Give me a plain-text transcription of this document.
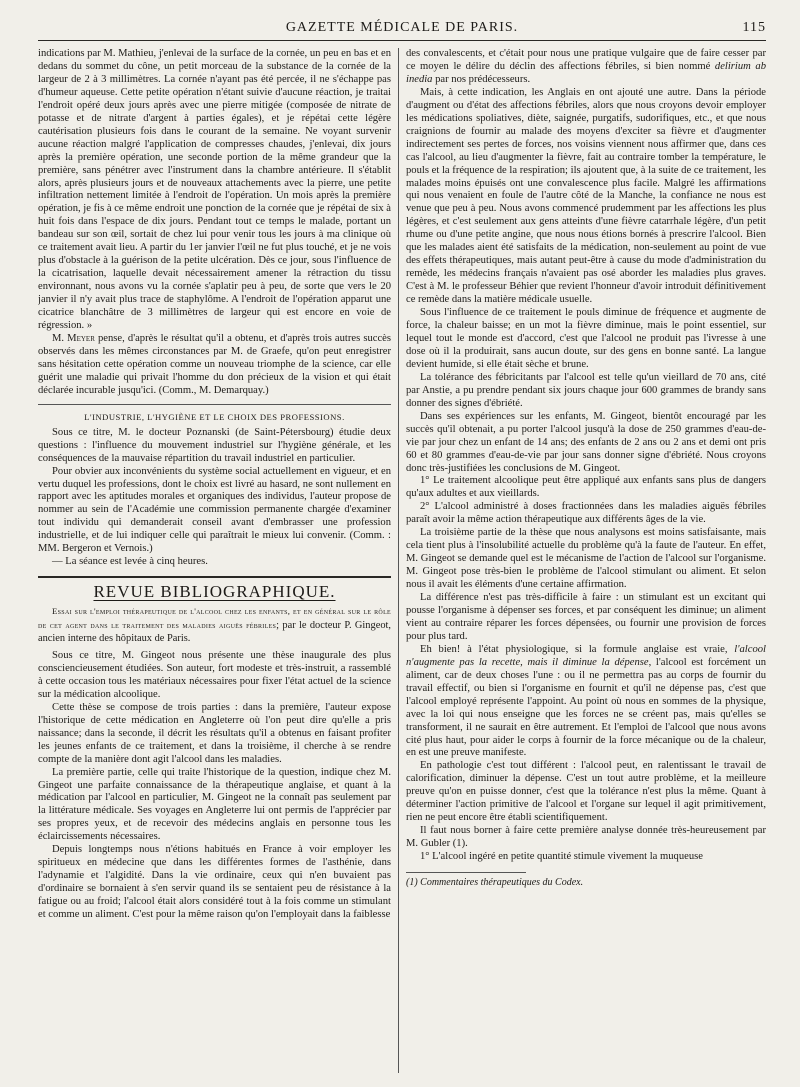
GAZETTE MÉDICALE DE PARIS.	115

indications par M. Mathieu, j'enlevai de la surface de la cornée, un peu en bas et en dedans du sommet du cône, un petit morceau de la substance de la cornée de la largeur de 2 à 3 millimètres. La cornée n'ayant pas été percée, il ne s'échappe pas d'humeur aqueuse. Cette petite opération n'étant suivie d'aucune réaction, je traitai l'endroit opéré deux jours après avec une pierre mitigée (composée de nitrate de potasse et de nitrate d'argent à parties égales), et je répétai cette légère cautérisation plusieurs fois dans le courant de la semaine. Ne voyant survenir aucune réaction malgré l'application de compresses chaudes, j'enlevai, dix jours après la première opération, une seconde portion de la même grandeur que la première, sans pénétrer avec l'instrument dans la chambre antérieure. Il s'établit alors, après plusieurs jours et de nouveaux attachements avec la pierre, une petite infiltration nettement limitée à l'endroit de l'opération. Un mois après la première opération, je fis à ce même endroit une ponction de la cornée que je répétai de six à huit fois dans l'espace de dix jours. Pendant tout ce temps le malade, portant un bandeau sur son œil, sortait de chez lui pour venir tous les jours à ma clinique où ce traitement avait lieu. A partir du 1er janvier l'œil ne fut plus touché, et je ne vois plus d'obstacle à la guérison de la petite ulcération. Dès ce jour, sous l'influence de la cicatrisation, laquelle devait nécessairement amener la rétraction du tissu environnant, nous avons vu la cornée s'aplatir peu à peu, de sorte que vers le 20 janvier il n'y avait plus trace de staphylôme. A l'endroit de l'opération apparut une cicatrice blanchâtre de 3 millimètres de largeur qui est encore en voie de régression. »

M. Meyer pense, d'après le résultat qu'il a obtenu, et d'après trois autres succès observés dans les mêmes circonstances par M. de Graefe, qu'on peut enregistrer sans hésitation cette opération comme un nouveau triomphe de la science, car elle guérit une maladie qui privait l'homme du don précieux de la vision et qui était déclarée incurable jusqu'ici. (Comm., M. Demarquay.)

L'INDUSTRIE, L'HYGIÈNE ET LE CHOIX DES PROFESSIONS.

Sous ce titre, M. le docteur Poznanski (de Saint-Pétersbourg) étudie deux questions : l'influence du mouvement industriel sur l'hygiène générale, et les conséquences de la mauvaise répartition du travail industriel en particulier.

Pour obvier aux inconvénients du système social actuellement en vigueur, et en vertu duquel les professions, dont le choix est livré au hasard, ne sont nullement en rapport avec les aptitudes morales et organiques des individus, l'auteur propose de nommer au sein de l'Académie une commission permanente chargée d'examiner tout individu qui demanderait conseil avant d'embrasser une profession industrielle, et de lui indiquer celle qui paraîtrait le mieux lui convenir. (Comm. : MM. Bergeron et Vernois.)

— La séance est levée à cinq heures.

REVUE BIBLIOGRAPHIQUE.

Essai sur l'emploi thérapeutique de l'alcool chez les enfants, et en général sur le rôle de cet agent dans le traitement des maladies aiguës fébriles; par le docteur P. Gingeot, ancien interne des hôpitaux de Paris.

Sous ce titre, M. Gingeot nous présente une thèse inaugurale des plus consciencieusement étudiées. Son auteur, fort modeste et très-instruit, a rassemblé à cette occasion tous les matériaux nécessaires pour fixer l'état actuel de la science sur la médication alcoolique.

Cette thèse se compose de trois parties : dans la première, l'auteur expose l'historique de cette médication en Angleterre où l'on peut dire qu'elle a pris naissance; dans la seconde, il décrit les résultats qu'il a obtenus en faisant profiter les jeunes enfants de ce traitement, et dans la troisième, il cherche à se rendre compte de la manière dont agit l'alcool dans les maladies.

La première partie, celle qui traite l'historique de la question, indique chez M. Gingeot une parfaite connaissance de la thérapeutique anglaise, et quant à la médication par l'alcool en particulier, M. Gingeot ne la connaît pas seulement par la littérature médicale. Ses voyages en Angleterre lui ont permis de l'apprécier par ses propres yeux, et de recevoir des médecins anglais en personne tous les éclaircissements nécessaires.

Depuis longtemps nous n'étions habitués en France à voir employer les spiritueux en médecine que dans les différentes formes de l'asthénie, dans l'adynamie et l'algidité. Dans la vie ordinaire, ceux qui n'en buvaient pas d'ordinaire se bornaient à s'en servir quand ils se sentaient peu de résistance à la fatigue ou au froid; l'alcool était alors considéré tout à la fois comme un stimulant et comme un aliment. C'est pour la même raison qu'on l'employait dans la faiblesse

des convalescents, et c'était pour nous une pratique vulgaire que de faire cesser par ce moyen le délire du déclin des affections fébriles, si bien nommé delirium ab inedia par nos prédécesseurs.

Mais, à cette indication, les Anglais en ont ajouté une autre. Dans la période d'augment ou d'état des affections fébriles, alors que nous croyons devoir employer les médications spoliatives, diète, saignée, purgatifs, sudorifiques, etc., et que nous craignions de fournir au malade des moyens d'exciter sa fièvre et d'augmenter indirectement ses pertes de forces, nos voisins viennent nous affirmer que, dans ces cas l'alcool, au lieu d'augmenter la fièvre, fait au contraire tomber la température, le pouls et la fréquence de la respiration; ils ajoutent que, à la suite de ce traitement, les malades moins épuisés ont une convalescence plus facile. Malgré les affirmations qui nous venaient en foule de l'autre côté de la Manche, la confiance ne nous est venue que peu à peu. Nous avons commencé prudemment par les affections les plus légères, et c'est seulement aux gens atteints d'une fièvre catarrhale légère, d'un petit rhume ou d'une petite angine, que nous nous étions bornés à prescrire l'alcool. Bien que les malades aient été satisfaits de la médication, non-seulement au point de vue des effets thérapeutiques, mais autant peut-être à cause du mode d'administration du remède, les médecins français n'avaient pas osé aborder les maladies plus graves. C'est à M. le professeur Béhier que revient l'honneur d'avoir introduit définitivement ce remède dans la matière médicale usuelle.

Sous l'influence de ce traitement le pouls diminue de fréquence et augmente de force, la chaleur baisse; en un mot la fièvre diminue, mais le point essentiel, sur lequel tout le monde est d'accord, c'est que l'alcool ne produit pas l'ivresse à une dose où il la produirait, sans aucun doute, sur des gens en bonne santé. La langue devient humide, si elle était sèche et brune.

La tolérance des fébricitants par l'alcool est telle qu'un vieillard de 70 ans, cité par Anstie, a pu prendre pendant six jours chaque jour 600 grammes de brandy sans donner des signes d'ébriété.

Dans ses expériences sur les enfants, M. Gingeot, bientôt encouragé par les succès qu'il obtenait, a pu porter l'alcool jusqu'à la dose de 250 grammes d'eau-de-vie par jour chez un enfant de 14 ans; des enfants de 2 ans ou 2 ans et demi ont pris 60 et 80 grammes d'eau-de-vie par jour sans donner signe d'ébriété. Nous croyons donc très-justifiées les conclusions de M. Gingeot.

1° Le traitement alcoolique peut être appliqué aux enfants sans plus de dangers qu'aux adultes et aux vieillards.

2° L'alcool administré à doses fractionnées dans les maladies aiguës fébriles paraît avoir la même action thérapeutique aux différents âges de la vie.

La troisième partie de la thèse que nous analysons est moins satisfaisante, mais cela tient plus à l'insolubilité actuelle du problème qu'à la faute de l'auteur. En effet, M. Gingeot se demande quel est le mécanisme de l'action de l'alcool sur l'organisme. M. Gingeot pose très-bien le problème de l'alcool stimulant ou aliment. Et selon nous il avait les éléments d'une certaine affirmation.

La différence n'est pas très-difficile à faire : un stimulant est un excitant qui pousse l'organisme à dépenser ses forces, et par conséquent les diminue; un aliment vient au contraire réparer les forces dépensées, ou fournir une provision de forces pour plus tard.

Eh bien! à l'état physiologique, si la formule anglaise est vraie, l'alcool n'augmente pas la recette, mais il diminue la dépense, l'alcool est forcément un aliment, car de deux choses l'une : ou il ne permettra pas au corps de fournir du travail effectif, ou bien si l'organisme en fournit et qu'il ne dépense pas, c'est que l'alcool employé représente l'appoint. Au point où nous en sommes de la physique, avec la loi qui nous enseigne que les forces ne se créent pas, mais qu'elles se transforment, il ne saurait en être autrement. Et l'emploi de l'alcool que nous avons cité plus haut, pour aider le corps à fournir de la force mécanique ou de la chaleur, en est une preuve manifeste.

En pathologie c'est tout différent : l'alcool peut, en ralentissant le travail de calorification, diminuer la dépense. C'est un tout autre problème, et la meilleure preuve qu'on en puisse donner, c'est que la tolérance n'est plus la même. Quant à déterminer l'action primitive de l'alcool et l'organe sur lequel il agit primitivement, rien ne peut encore être établi scientifiquement.

Il faut nous borner à faire cette première analyse donnée très-heureusement par M. Gubler (1).

1° L'alcool ingéré en petite quantité stimule vivement la muqueuse

(1) Commentaires thérapeutiques du Codex.
